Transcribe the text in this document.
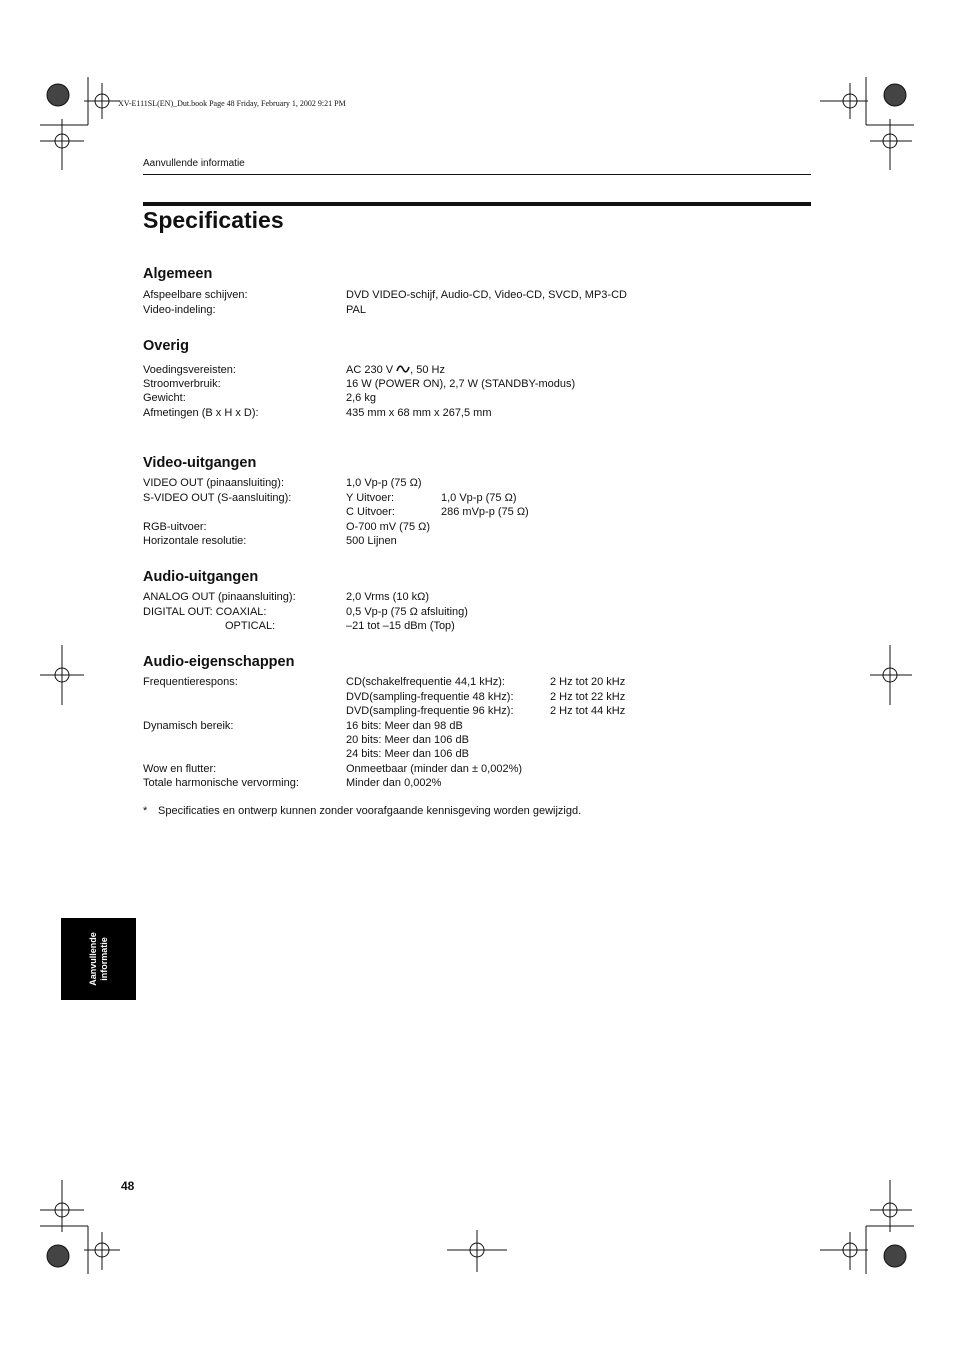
XV-E111SL(EN)_Dut.book Page 48 Friday, February 1, 2002 9:21 PM
Aanvullende informatie
Specificaties
Algemeen
Afspeelbare schijven:	DVD VIDEO-schijf, Audio-CD, Video-CD, SVCD, MP3-CD
Video-indeling:	PAL
Overig
Voedingsvereisten:	AC 230 V , 50 Hz
Stroomverbruik:	16 W (POWER ON), 2,7 W (STANDBY-modus)
Gewicht:	2,6 kg
Afmetingen (B x H x D):	435 mm x 68 mm x 267,5 mm
Video-uitgangen
VIDEO OUT (pinaansluiting):	1,0 Vp-p (75 Ω)
S-VIDEO OUT (S-aansluiting):	Y Uitvoer:	1,0 Vp-p (75 Ω)
C Uitvoer:	286 mVp-p (75 Ω)
RGB-uitvoer:	O-700 mV (75 Ω)
Horizontale resolutie:	500 Lijnen
Audio-uitgangen
ANALOG OUT (pinaansluiting):	2,0 Vrms (10 kΩ)
DIGITAL OUT: COAXIAL:	0,5 Vp-p (75 Ω afsluiting)
OPTICAL:	–21 tot –15 dBm (Top)
Audio-eigenschappen
Frequentierespons:	CD(schakelfrequentie 44,1 kHz):	2 Hz tot 20 kHz
DVD(sampling-frequentie 48 kHz):	2 Hz tot 22 kHz
DVD(sampling-frequentie 96 kHz):	2 Hz tot 44 kHz
Dynamisch bereik:	16 bits: Meer dan 98 dB
20 bits: Meer dan 106 dB
24 bits: Meer dan 106 dB
Wow en flutter:	Onmeetbaar (minder dan ± 0,002%)
Totale harmonische vervorming:	Minder dan 0,002%
* Specificaties en ontwerp kunnen zonder voorafgaande kennisgeving worden gewijzigd.
Aanvullende informatie
48
